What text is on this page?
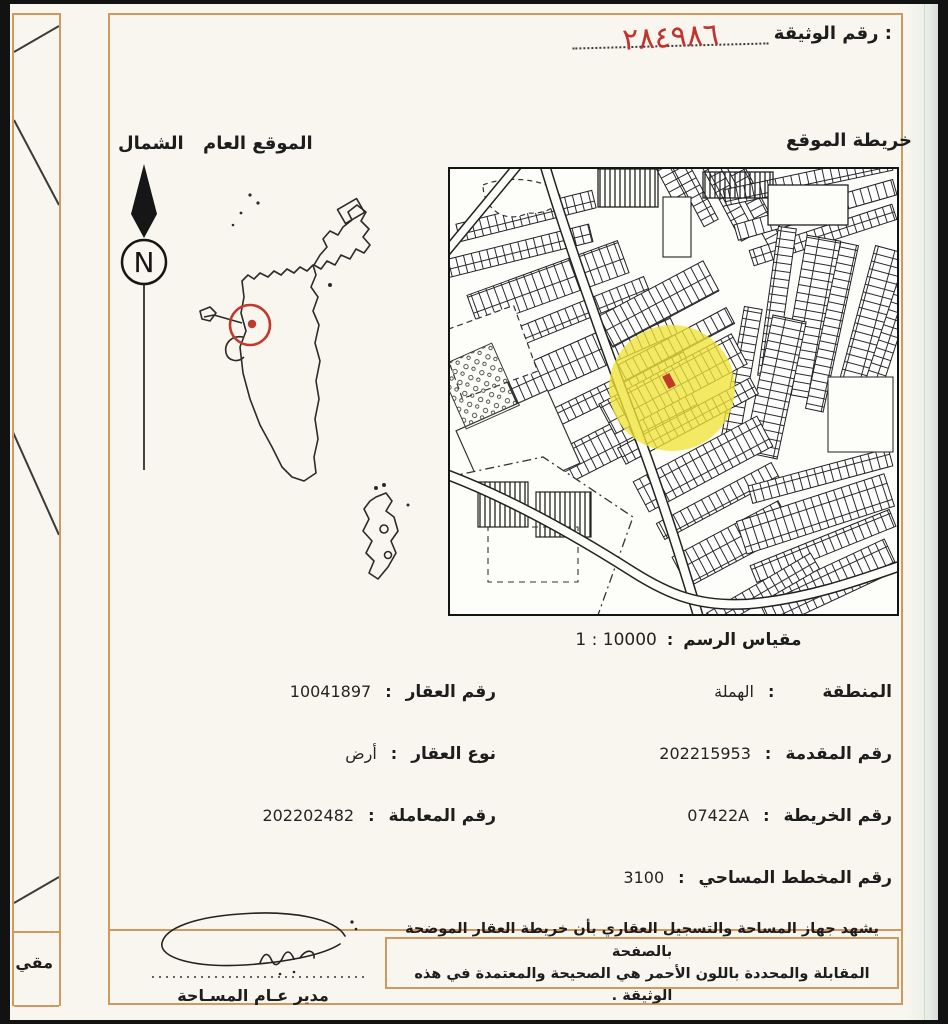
مقي
٢٨٤٩٨٦	رقم الوثيقة :
الشمال الموقع العام	خريطة الموقع
N
1 : 10000 : مقياس الرسم
الهملة :	المنطقة
202215953 : رقم المقدمة
07422A : رقم الخريطة
3100 : رقم المخطط المساحي
10041897 : رقم العقار
أرض : نوع العقار
202202482 : رقم المعاملة
مدير عـام المسـاحة
يشهد جهاز المساحة والتسجيل العقاري بأن خريطة العقار الموضحة بالصفحة
المقابلة والمحددة باللون الأحمر هي الصحيحة والمعتمدة في هذه الوثيقة .
